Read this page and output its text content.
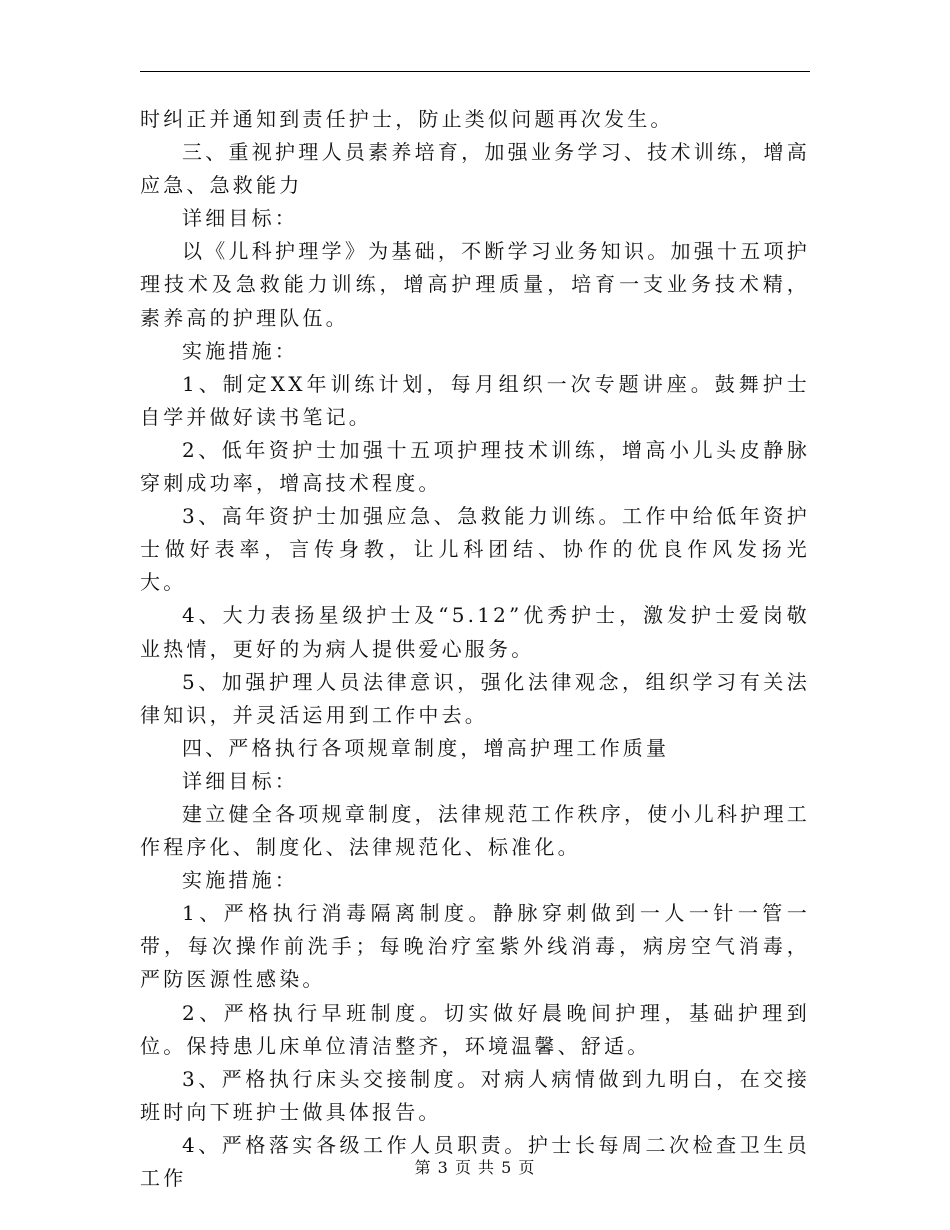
时纠正并通知到责任护士，防止类似问题再次发生。

三、重视护理人员素养培育，加强业务学习、技术训练，增高应急、急救能力

详细目标：

以《儿科护理学》为基础，不断学习业务知识。加强十五项护理技术及急救能力训练，增高护理质量，培育一支业务技术精，素养高的护理队伍。

实施措施：

1、制定XX年训练计划，每月组织一次专题讲座。鼓舞护士自学并做好读书笔记。

2、低年资护士加强十五项护理技术训练，增高小儿头皮静脉穿刺成功率，增高技术程度。

3、高年资护士加强应急、急救能力训练。工作中给低年资护士做好表率，言传身教，让儿科团结、协作的优良作风发扬光大。

4、大力表扬星级护士及“5.12”优秀护士，激发护士爱岗敬业热情，更好的为病人提供爱心服务。

5、加强护理人员法律意识，强化法律观念，组织学习有关法律知识，并灵活运用到工作中去。

四、严格执行各项规章制度，增高护理工作质量

详细目标：

建立健全各项规章制度，法律规范工作秩序，使小儿科护理工作程序化、制度化、法律规范化、标准化。

实施措施：

1、严格执行消毒隔离制度。静脉穿刺做到一人一针一管一带，每次操作前洗手；每晚治疗室紫外线消毒，病房空气消毒，严防医源性感染。

2、严格执行早班制度。切实做好晨晚间护理，基础护理到位。保持患儿床单位清洁整齐，环境温馨、舒适。

3、严格执行床头交接制度。对病人病情做到九明白，在交接班时向下班护士做具体报告。

4、严格落实各级工作人员职责。护士长每周二次检查卫生员工作	第 3 页 共 5 页
